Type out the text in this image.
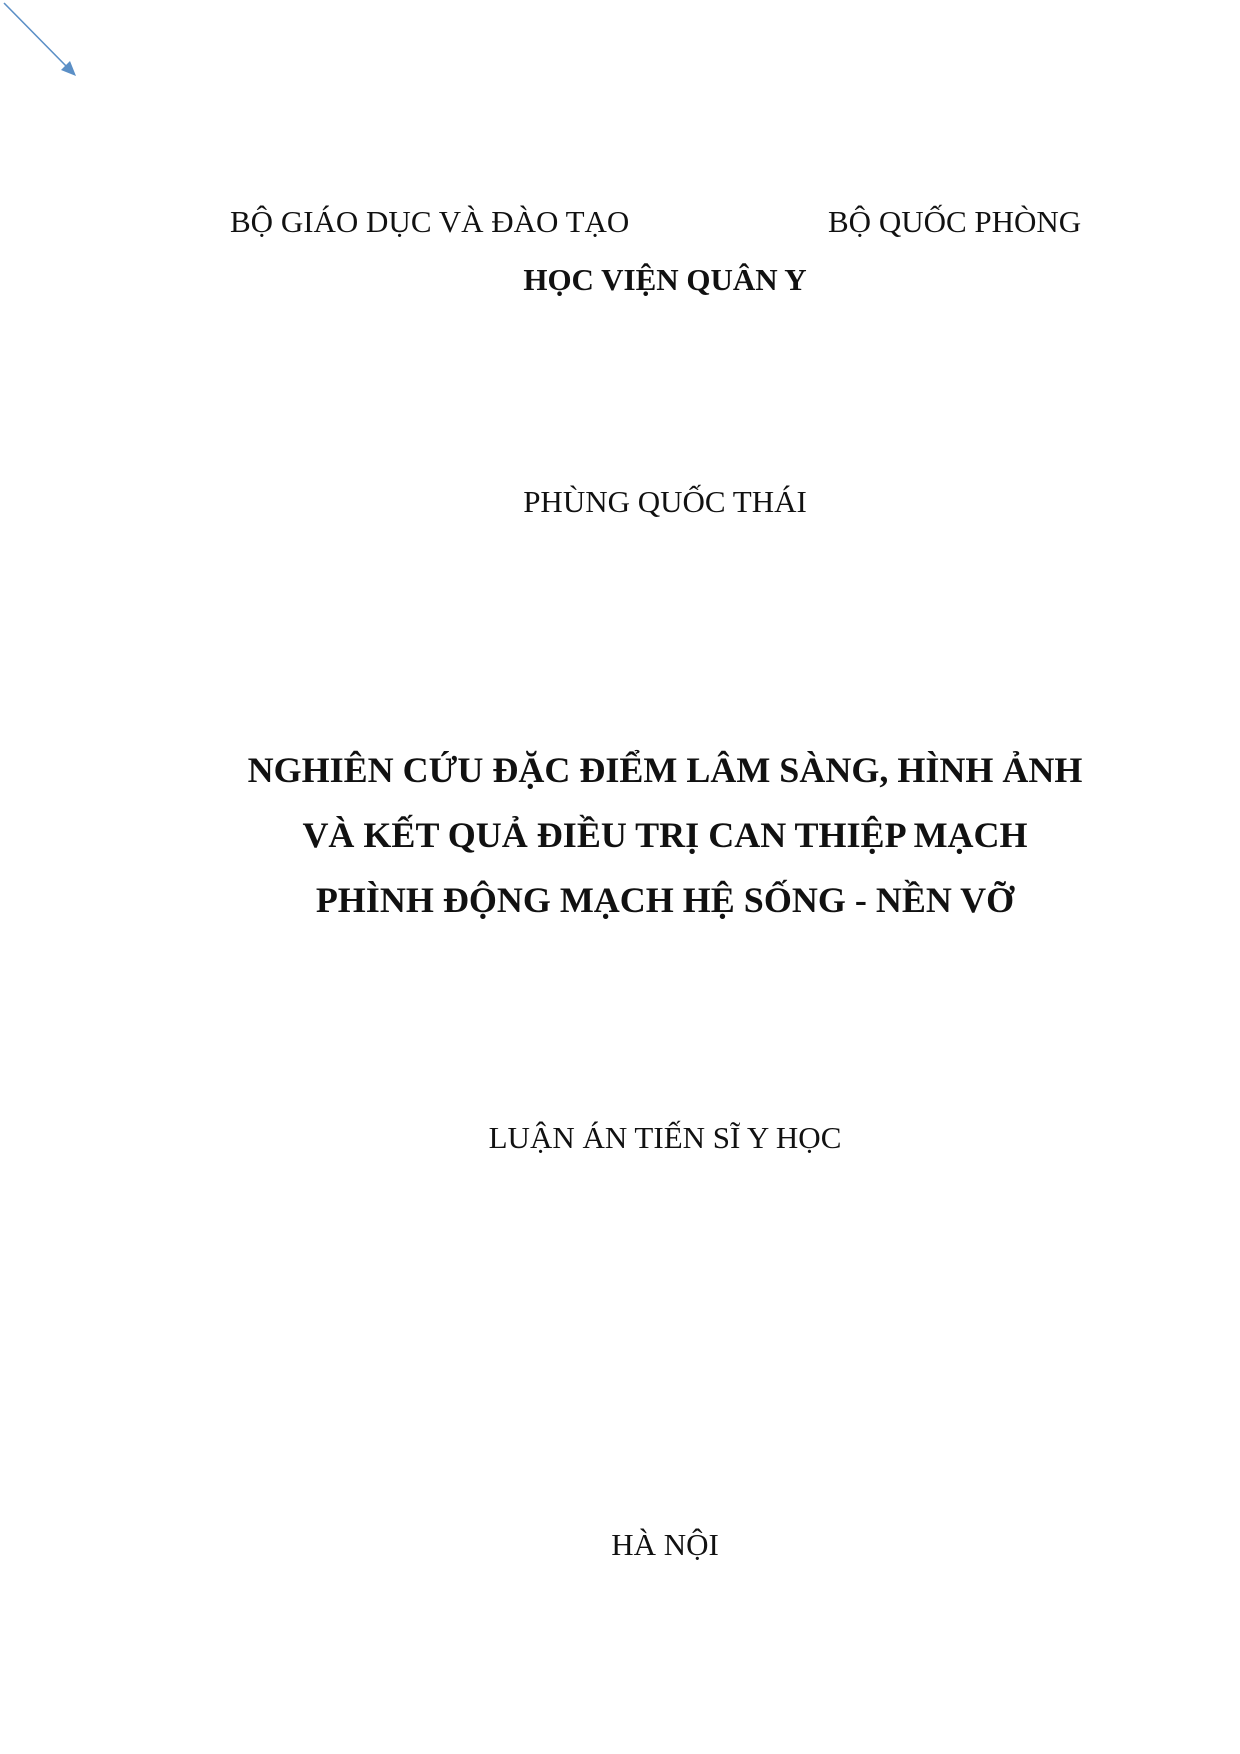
BỘ GIÁO DỤC VÀ ĐÀO TẠO	BỘ QUỐC PHÒNG
HỌC VIỆN QUÂN Y
PHÙNG QUỐC THÁI
NGHIÊN CỨU ĐẶC ĐIỂM LÂM SÀNG, HÌNH ẢNH
VÀ KẾT QUẢ ĐIỀU TRỊ CAN THIỆP MẠCH
PHÌNH ĐỘNG MẠCH HỆ SỐNG - NỀN VỠ
LUẬN ÁN TIẾN SĨ Y HỌC
HÀ NỘI
